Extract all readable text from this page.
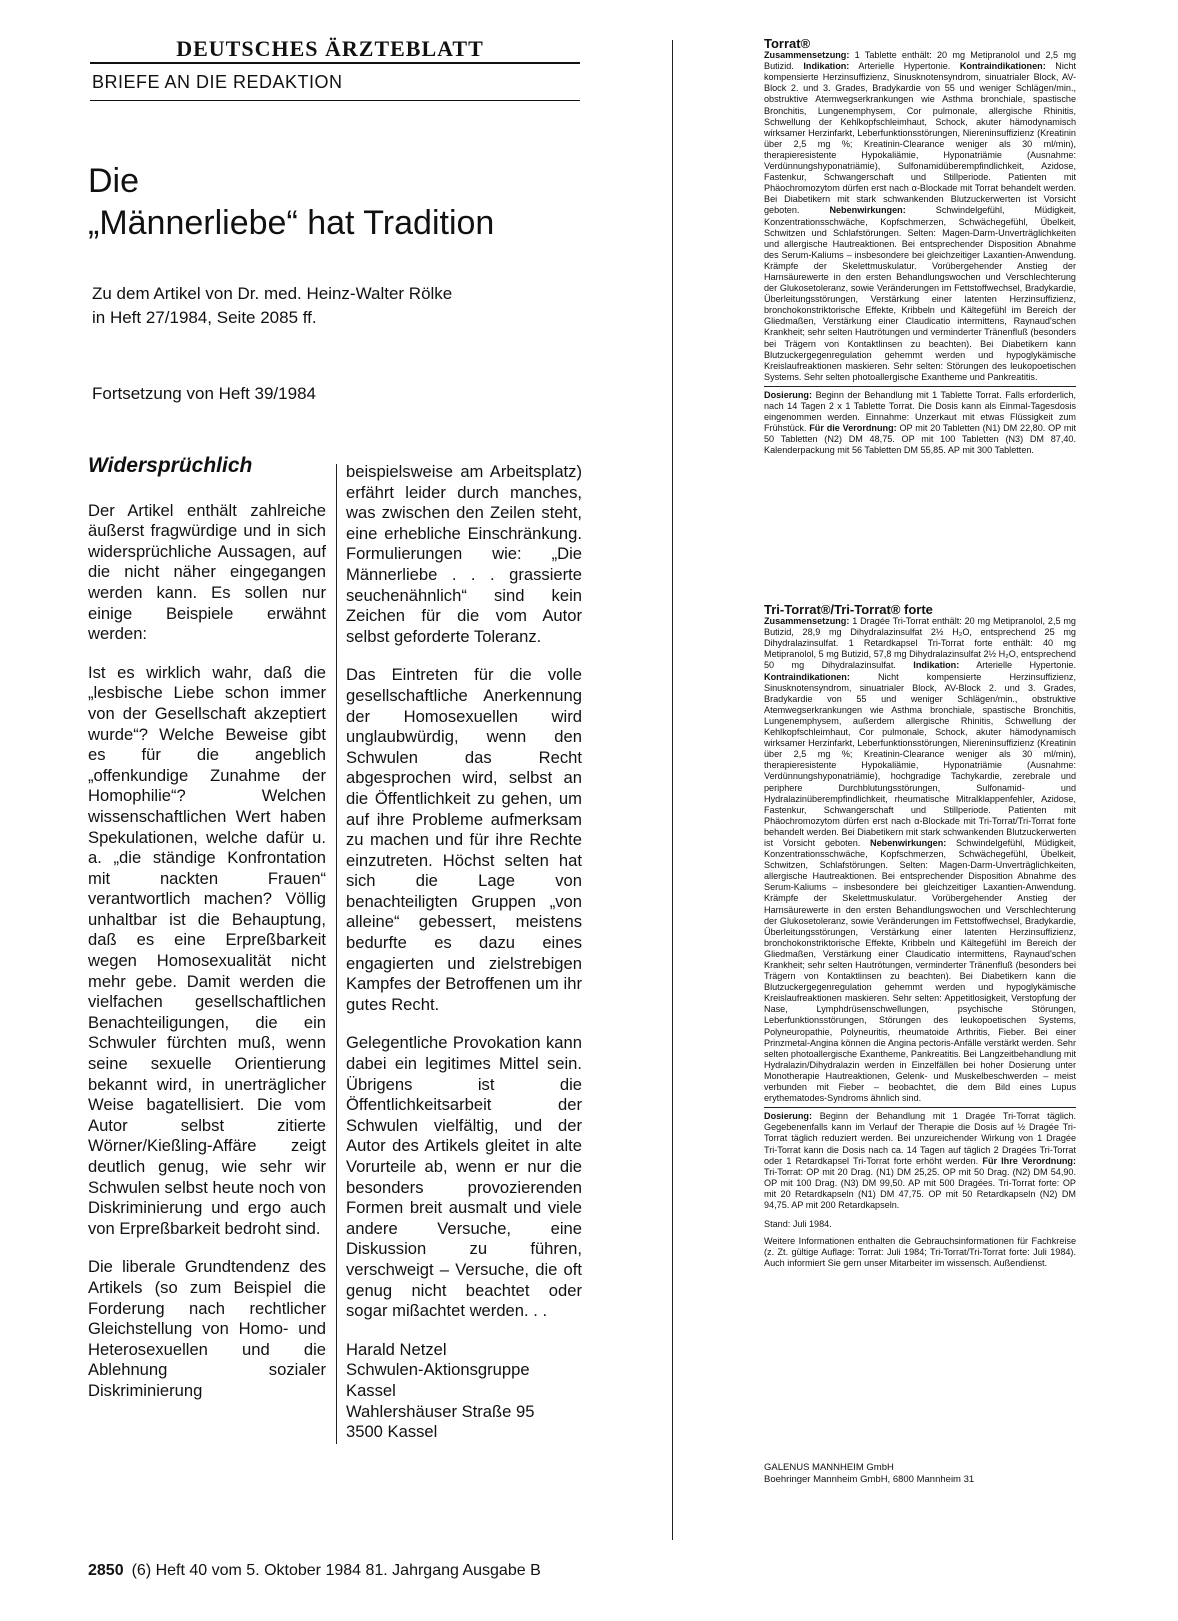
DEUTSCHES ÄRZTEBLATT
BRIEFE AN DIE REDAKTION
Die
„Männerliebe“ hat Tradition
Zu dem Artikel von Dr. med. Heinz-Walter Rölke
in Heft 27/1984, Seite 2085 ff.
Fortsetzung von Heft 39/1984

Widersprüchlich

Der Artikel enthält zahlreiche äußerst fragwürdige und in sich widersprüchliche Aussagen, auf die nicht näher eingegangen werden kann. Es sollen nur einige Beispiele erwähnt werden:

Ist es wirklich wahr, daß die „lesbische Liebe schon immer von der Gesellschaft akzeptiert wurde“? Welche Beweise gibt es für die angeblich „offenkundige Zunahme der Homophilie“? Welchen wissenschaftlichen Wert haben Spekulationen, welche dafür u. a. „die ständige Konfrontation mit nackten Frauen“ verantwortlich machen? Völlig unhaltbar ist die Behauptung, daß es eine Erpreßbarkeit wegen Homosexualität nicht mehr gebe. Damit werden die vielfachen gesellschaftlichen Benachteiligungen, die ein Schwuler fürchten muß, wenn seine sexuelle Orientierung bekannt wird, in unerträglicher Weise bagatellisiert. Die vom Autor selbst zitierte Wörner/Kießling-Affäre zeigt deutlich genug, wie sehr wir Schwulen selbst heute noch von Diskriminierung und ergo auch von Erpreßbarkeit bedroht sind.

Die liberale Grundtendenz des Artikels (so zum Beispiel die Forderung nach rechtlicher Gleichstellung von Homo- und Heterosexuellen und die Ablehnung sozialer Diskriminierung

beispielsweise am Arbeitsplatz) erfährt leider durch manches, was zwischen den Zeilen steht, eine erhebliche Einschränkung. Formulierungen wie: „Die Männerliebe . . . grassierte seuchenähnlich“ sind kein Zeichen für die vom Autor selbst geforderte Toleranz.

Das Eintreten für die volle gesellschaftliche Anerkennung der Homosexuellen wird unglaubwürdig, wenn den Schwulen das Recht abgesprochen wird, selbst an die Öffentlichkeit zu gehen, um auf ihre Probleme aufmerksam zu machen und für ihre Rechte einzutreten. Höchst selten hat sich die Lage von benachteiligten Gruppen „von alleine“ gebessert, meistens bedurfte es dazu eines engagierten und zielstrebigen Kampfes der Betroffenen um ihr gutes Recht.

Gelegentliche Provokation kann dabei ein legitimes Mittel sein. Übrigens ist die Öffentlichkeitsarbeit der Schwulen vielfältig, und der Autor des Artikels gleitet in alte Vorurteile ab, wenn er nur die besonders provozierenden Formen breit ausmalt und viele andere Versuche, eine Diskussion zu führen, verschweigt – Versuche, die oft genug nicht beachtet oder sogar mißachtet werden. . .

Harald Netzel
Schwulen-Aktionsgruppe
Kassel
Wahlershäuser Straße 95
3500 Kassel
Torrat®

Zusammensetzung: 1 Tablette enthält: 20 mg Metipranolol und 2,5 mg Butizid. Indikation: Arterielle Hypertonie. Kontraindikationen: Nicht kompensierte Herzinsuffizienz, Sinusknotensyndrom, sinuatrialer Block, AV-Block 2. und 3. Grades, Bradykardie von 55 und weniger Schlägen/min., obstruktive Atemwegserkrankungen wie Asthma bronchiale, spastische Bronchitis, Lungenemphysem, Cor pulmonale, allergische Rhinitis, Schwellung der Kehlkopfschleimhaut, Schock, akuter hämodynamisch wirksamer Herzinfarkt, Leberfunktionsstörungen, Niereninsuffizienz (Kreatinin über 2,5 mg %; Kreatinin-Clearance weniger als 30 ml/min), therapieresistente Hypokaliämie, Hyponatriämie (Ausnahme: Verdünnungshyponatriämie), Sulfonamidüberempfindlichkeit, Azidose, Fastenkur, Schwangerschaft und Stillperiode. Patienten mit Phäochromozytom dürfen erst nach α-Blockade mit Torrat behandelt werden. Bei Diabetikern mit stark schwankenden Blutzuckerwerten ist Vorsicht geboten. Nebenwirkungen: Schwindelgefühl, Müdigkeit, Konzentrationsschwäche, Kopfschmerzen, Schwächegefühl, Übelkeit, Schwitzen und Schlafstörungen. Selten: Magen-Darm-Unverträglichkeiten und allergische Hautreaktionen. Bei entsprechender Disposition Abnahme des Serum-Kaliums – insbesondere bei gleichzeitiger Laxantien-Anwendung. Krämpfe der Skelettmuskulatur. Vorübergehender Anstieg der Harnsäurewerte in den ersten Behandlungswochen und Verschlechterung der Glukosetoleranz, sowie Veränderungen im Fettstoffwechsel, Bradykardie, Überleitungsstörungen, Verstärkung einer latenten Herzinsuffizienz, bronchokonstriktorische Effekte, Kribbeln und Kältegefühl im Bereich der Gliedmaßen, Verstärkung einer Claudicatio intermittens, Raynaud'schen Krankheit; sehr selten Hautrötungen und verminderter Tränenfluß (besonders bei Trägern von Kontaktlinsen zu beachten). Bei Diabetikern kann Blutzuckergegenregulation gehemmt werden und hypoglykämische Kreislaufreaktionen maskieren. Sehr selten: Störungen des leukopoetischen Systems. Sehr selten photoallergische Exantheme und Pankreatitis.

Dosierung: Beginn der Behandlung mit 1 Tablette Torrat. Falls erforderlich, nach 14 Tagen 2 x 1 Tablette Torrat. Die Dosis kann als Einmal-Tagesdosis eingenommen werden. Einnahme: Unzerkaut mit etwas Flüssigkeit zum Frühstück. Für die Verordnung: OP mit 20 Tabletten (N1) DM 22,80. OP mit 50 Tabletten (N2) DM 48,75. OP mit 100 Tabletten (N3) DM 87,40. Kalenderpackung mit 56 Tabletten DM 55,85. AP mit 300 Tabletten.

Tri-Torrat®/Tri-Torrat® forte

Zusammensetzung: 1 Dragée Tri-Torrat enthält: 20 mg Metipranolol, 2,5 mg Butizid, 28,9 mg Dihydralazinsulfat 2½ H₂O, entsprechend 25 mg Dihydralazinsulfat. 1 Retardkapsel Tri-Torrat forte enthält: 40 mg Metipranolol, 5 mg Butizid, 57,8 mg Dihydralazinsulfat 2½ H₂O, entsprechend 50 mg Dihydralazinsulfat. Indikation: Arterielle Hypertonie. Kontraindikationen: Nicht kompensierte Herzinsuffizienz, Sinusknotensyndrom, sinuatrialer Block, AV-Block 2. und 3. Grades, Bradykardie von 55 und weniger Schlägen/min., obstruktive Atemwegserkrankungen wie Asthma bronchiale, spastische Bronchitis, Lungenemphysem, außerdem allergische Rhinitis, Schwellung der Kehlkopfschleimhaut, Cor pulmonale, Schock, akuter hämodynamisch wirksamer Herzinfarkt, Leberfunktionsstörungen, Niereninsuffizienz (Kreatinin über 2,5 mg %; Kreatinin-Clearance weniger als 30 ml/min), therapieresistente Hypokaliämie, Hyponatriämie (Ausnahme: Verdünnungshyponatriämie), hochgradige Tachykardie, zerebrale und periphere Durchblutungsstörungen, Sulfonamid- und Hydralazinüberempfindlichkeit, rheumatische Mitralklappenfehler, Azidose, Fastenkur, Schwangerschaft und Stillperiode. Patienten mit Phäochromozytom dürfen erst nach α-Blockade mit Tri-Torrat/Tri-Torrat forte behandelt werden. Bei Diabetikern mit stark schwankenden Blutzuckerwerten ist Vorsicht geboten. Nebenwirkungen: Schwindelgefühl, Müdigkeit, Konzentrationsschwäche, Kopfschmerzen, Schwächegefühl, Übelkeit, Schwitzen, Schlafstörungen. Selten: Magen-Darm-Unverträglichkeiten, allergische Hautreaktionen. Bei entsprechender Disposition Abnahme des Serum-Kaliums – insbesondere bei gleichzeitiger Laxantien-Anwendung. Krämpfe der Skelettmuskulatur. Vorübergehender Anstieg der Harnsäurewerte in den ersten Behandlungswochen und Verschlechterung der Glukosetoleranz, sowie Veränderungen im Fettstoffwechsel, Bradykardie, Überleitungsstörungen, Verstärkung einer latenten Herzinsuffizienz, bronchokonstriktorische Effekte, Kribbeln und Kältegefühl im Bereich der Gliedmaßen, Verstärkung einer Claudicatio intermittens, Raynaud'schen Krankheit; sehr selten Hautrötungen, verminderter Tränenfluß (besonders bei Trägern von Kontaktlinsen zu beachten). Bei Diabetikern kann die Blutzuckergegenregulation gehemmt werden und hypoglykämische Kreislaufreaktionen maskieren. Sehr selten: Appetitlosigkeit, Verstopfung der Nase, Lymphdrüsenschwellungen, psychische Störungen, Leberfunktionsstörungen, Störungen des leukopoetischen Systems, Polyneuropathie, Polyneuritis, rheumatoide Arthritis, Fieber. Bei einer Prinzmetal-Angina können die Angina pectoris-Anfälle verstärkt werden. Sehr selten photoallergische Exantheme, Pankreatitis. Bei Langzeitbehandlung mit Hydralazin/Dihydralazin werden in Einzelfällen bei hoher Dosierung unter Monotherapie Hautreaktionen, Gelenk- und Muskelbeschwerden – meist verbunden mit Fieber – beobachtet, die dem Bild eines Lupus erythematodes-Syndroms ähnlich sind.

Dosierung: Beginn der Behandlung mit 1 Dragée Tri-Torrat täglich. Gegebenenfalls kann im Verlauf der Therapie die Dosis auf ½ Dragée Tri-Torrat täglich reduziert werden. Bei unzureichender Wirkung von 1 Dragée Tri-Torrat kann die Dosis nach ca. 14 Tagen auf täglich 2 Dragées Tri-Torrat oder 1 Retardkapsel Tri-Torrat forte erhöht werden. Für Ihre Verordnung: Tri-Torrat: OP mit 20 Drag. (N1) DM 25,25. OP mit 50 Drag. (N2) DM 54,90. OP mit 100 Drag. (N3) DM 99,50. AP mit 500 Dragées. Tri-Torrat forte: OP mit 20 Retardkapseln (N1) DM 47,75. OP mit 50 Retardkapseln (N2) DM 94,75. AP mit 200 Retardkapseln.

Stand: Juli 1984.

Weitere Informationen enthalten die Gebrauchsinformationen für Fachkreise (z. Zt. gültige Auflage: Torrat: Juli 1984; Tri-Torrat/Tri-Torrat forte: Juli 1984). Auch informiert Sie gern unser Mitarbeiter im wissensch. Außendienst.

GALENUS MANNHEIM GmbH
Boehringer Mannheim GmbH, 6800 Mannheim 31
2850 (6) Heft 40 vom 5. Oktober 1984 81. Jahrgang Ausgabe B
